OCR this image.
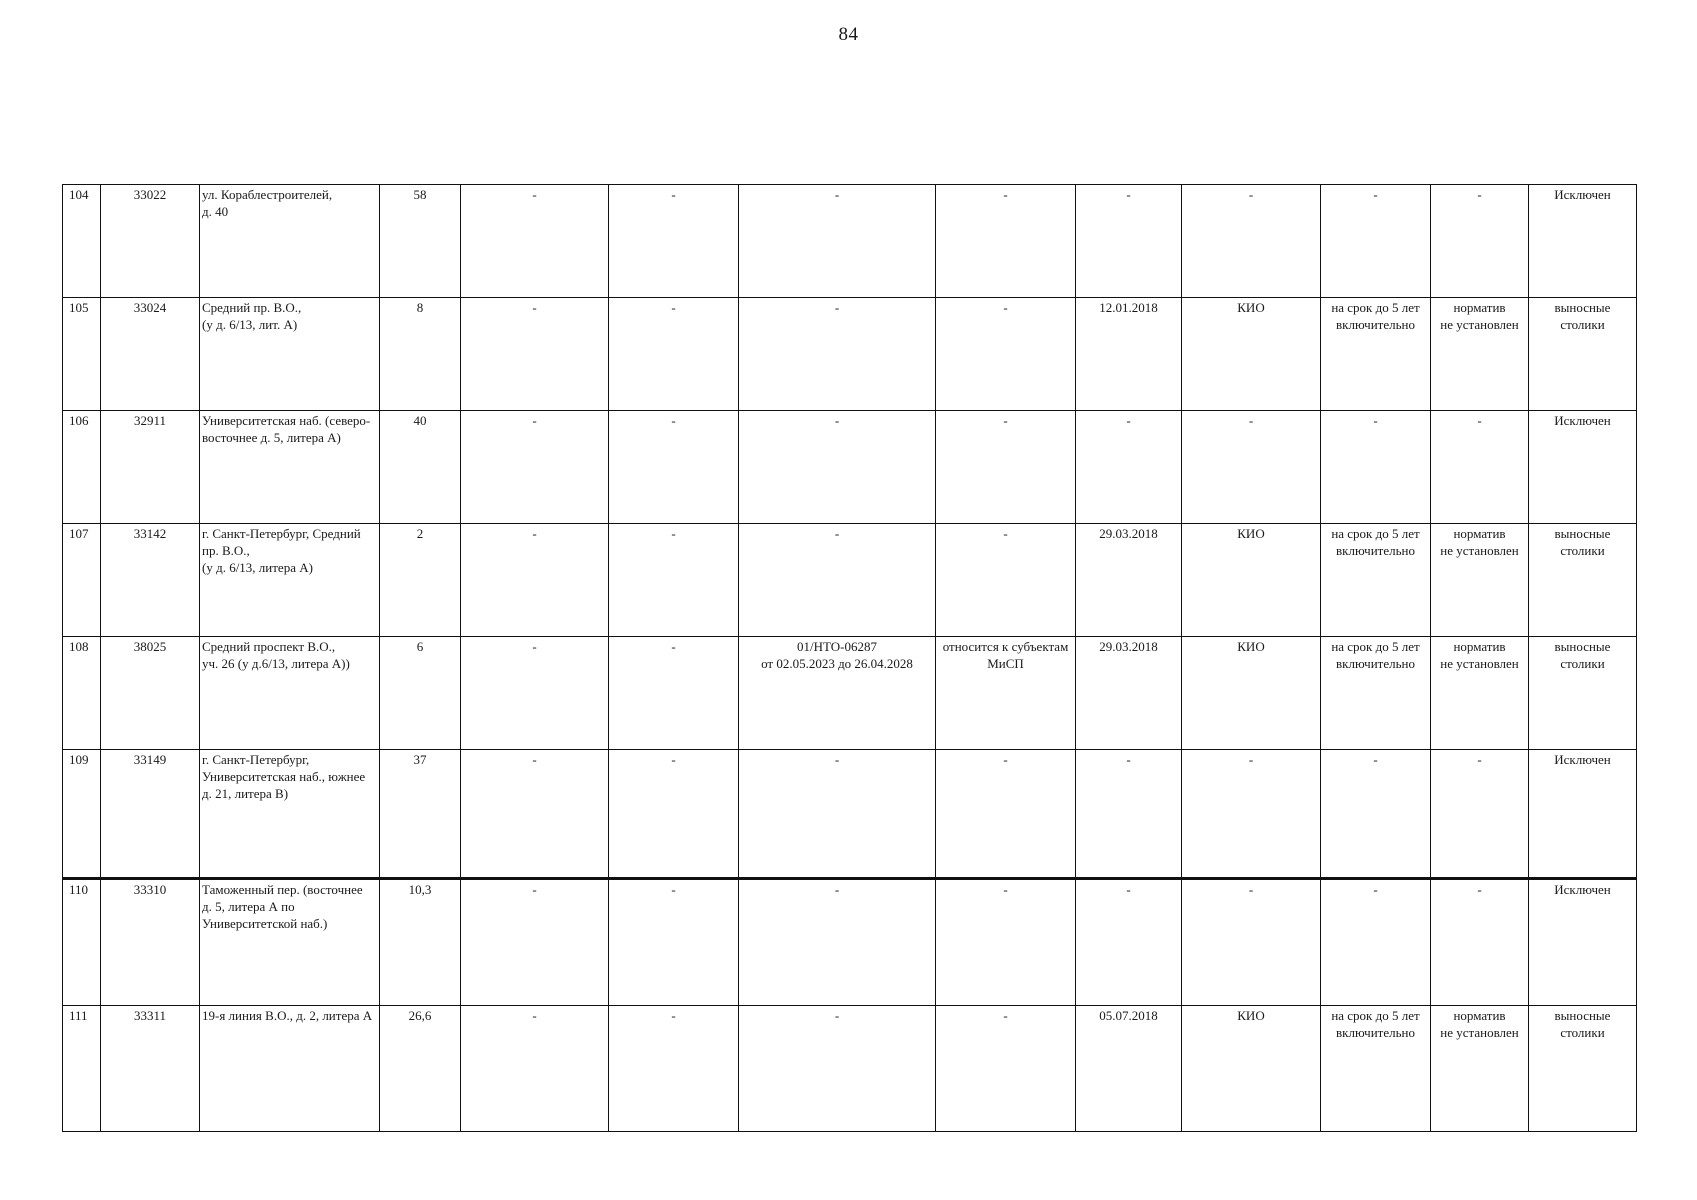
84
104	33022	ул. Кораблестроителей,
д. 40	58	-	-	-	-	-	-	-	-	Исключен
105	33024	Средний пр. В.О.,
(у д. 6/13, лит. А)	8	-	-	-	-	12.01.2018	КИО	на срок до 5 лет
включительно	норматив
не установлен	выносные
столики
106	32911	Университетская наб. (северо-
восточнее д. 5, литера А)	40	-	-	-	-	-	-	-	-	Исключен
107	33142	г. Санкт-Петербург, Средний
пр. В.О.,
(у д. 6/13, литера А)	2	-	-	-	-	29.03.2018	КИО	на срок до 5 лет
включительно	норматив
не установлен	выносные
столики
108	38025	Средний проспект В.О.,
уч. 26 (у д.6/13, литера А))	6	-	-	01/НТО-06287
от 02.05.2023 до 26.04.2028	относится к субъектам
МиСП	29.03.2018	КИО	на срок до 5 лет
включительно	норматив
не установлен	выносные
столики
109	33149	г. Санкт-Петербург,
Университетская наб., южнее
д. 21, литера В)	37	-	-	-	-	-	-	-	-	Исключен
110	33310	Таможенный пер. (восточнее
д. 5, литера А по
Университетской наб.)	10,3	-	-	-	-	-	-	-	-	Исключен
111	33311	19-я линия В.О., д. 2, литера А	26,6	-	-	-	-	05.07.2018	КИО	на срок до 5 лет
включительно	норматив
не установлен	выносные
столики
